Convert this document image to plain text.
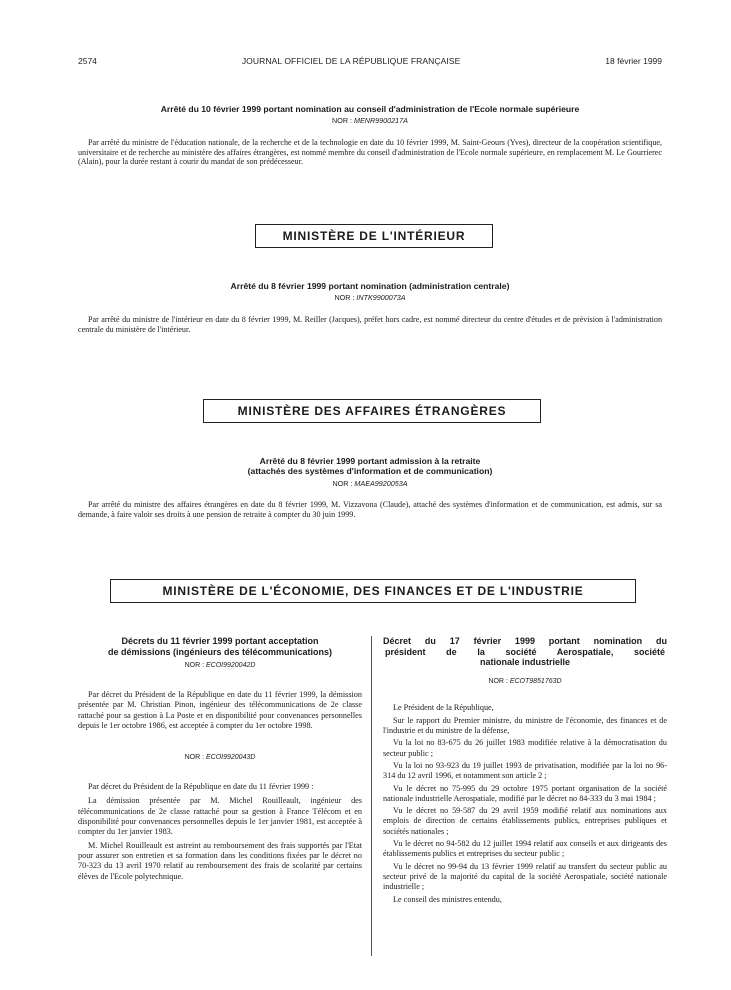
2574	JOURNAL OFFICIEL DE LA RÉPUBLIQUE FRANÇAISE	18 février 1999
Arrêté du 10 février 1999 portant nomination au conseil d'administration de l'Ecole normale supérieure
NOR : MENR9900217A

Par arrêté du ministre de l'éducation nationale, de la recherche et de la technologie en date du 10 février 1999, M. Saint-Geours (Yves), directeur de la coopération scientifique, universitaire et de recherche au ministère des affaires étrangères, est nommé membre du conseil d'administration de l'Ecole normale supérieure, en remplacement M. Le Gourrierec (Alain), pour la durée restant à courir du mandat de son prédécesseur.

MINISTÈRE DE L'INTÉRIEUR
Arrêté du 8 février 1999 portant nomination (administration centrale)
NOR : INTK9900073A

Par arrêté du ministre de l'intérieur en date du 8 février 1999, M. Reiller (Jacques), préfet hors cadre, est nommé directeur du centre d'études et de prévision à l'administration centrale du ministère de l'intérieur.

MINISTÈRE DES AFFAIRES ÉTRANGÈRES
Arrêté du 8 février 1999 portant admission à la retraite
(attachés des systèmes d'information et de communication)
NOR : MAEA9920053A

Par arrêté du ministre des affaires étrangères en date du 8 février 1999, M. Vizzavona (Claude), attaché des systèmes d'information et de communication, est admis, sur sa demande, à faire valoir ses droits à une pension de retraite à compter du 30 juin 1999.

MINISTÈRE DE L'ÉCONOMIE, DES FINANCES ET DE L'INDUSTRIE

Décrets du 11 février 1999 portant acceptation

de démissions (ingénieurs des télécommunications)

NOR : ECOI9920042D

Par décret du Président de la République en date du 11 février 1999, la démission présentée par M. Christian Pinon, ingénieur des télécommunications de 2e classe rattaché pour sa gestion à La Poste et en disponibilité pour convenances personnelles depuis le 1er octobre 1986, est acceptée à compter du 1er octobre 1998.

NOR : ECOI9920043D

Par décret du Président de la République en date du 11 février 1999 :

La démission présentée par M. Michel Rouilleault, ingénieur des télécommunications de 2e classe rattaché pour sa gestion à France Télécom et en disponibilité pour convenances personnelles depuis le 1er janvier 1981, est acceptée à compter du 1er janvier 1983.

M. Michel Rouilleault est astreint au remboursement des frais supportés par l'Etat pour assurer son entretien et sa formation dans les conditions fixées par le décret no 70-323 du 13 avril 1970 relatif au remboursement des frais de scolarité par certains élèves de l'Ecole polytechnique.

Décret du 17 février 1999 portant nomination du

président de la société Aerospatiale, société

nationale industrielle

NOR : ECOT9851763D

Le Président de la République,

Sur le rapport du Premier ministre, du ministre de l'économie, des finances et de l'industrie et du ministre de la défense,

Vu la loi no 83-675 du 26 juillet 1983 modifiée relative à la démocratisation du secteur public ;

Vu la loi no 93-923 du 19 juillet 1993 de privatisation, modifiée par la loi no 96-314 du 12 avril 1996, et notamment son article 2 ;

Vu le décret no 75-995 du 29 octobre 1975 portant organisation de la société nationale industrielle Aerospatiale, modifié par le décret no 84-333 du 3 mai 1984 ;

Vu le décret no 59-587 du 29 avril 1959 modifié relatif aux nominations aux emplois de direction de certains établissements publics, entreprises publiques et sociétés nationales ;

Vu le décret no 94-582 du 12 juillet 1994 relatif aux conseils et aux dirigeants des établissements publics et entreprises du secteur public ;

Vu le décret no 99-94 du 13 février 1999 relatif au transfert du secteur public au secteur privé de la majorité du capital de la société Aerospatiale, société nationale industrielle ;

Le conseil des ministres entendu,
